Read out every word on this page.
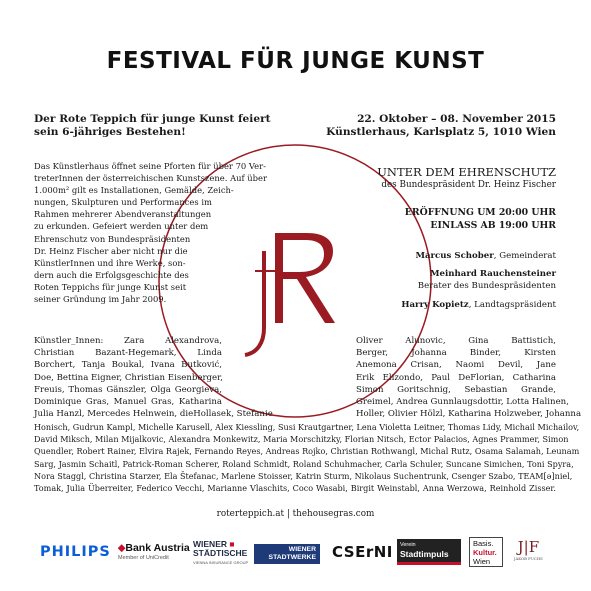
FESTIVAL FÜR JUNGE KUNST
Der Rote Teppich für junge Kunst feiert
sein 6-jähriges Bestehen!
22. Oktober – 08. November 2015
Künstlerhaus, Karlsplatz 5, 1010 Wien
Das Künstlerhaus öffnet seine Pforten für über 70 Ver-
treterInnen der österreichischen Kunstszene. Auf über
1.000m² gilt es Installationen, Gemälde, Zeich-
nungen, Skulpturen und Performances im
Rahmen mehrerer Abendveranstaltungen
zu erkunden. Gefeiert werden unter dem
Ehrenschutz von Bundespräsidenten
Dr. Heinz Fischer aber nicht nur die
KünstlerInnen und ihre Werke, son-
dern auch die Erfolgsgeschichte des
Roten Teppichs für junge Kunst seit
seiner Gründung im Jahr 2009.
UNTER DEM EHRENSCHUTZ
des Bundespräsident Dr. Heinz Fischer
ERÖFFNUNG UM 20:00 UHR
EINLASS AB 19:00 UHR
Marcus Schober, Gemeinderat
Meinhard Rauchensteiner
Berater des Bundespräsidenten
Harry Kopietz, Landtagspräsident
Künstler_Innen: Zara Alexandrova,
Christian Bazant-Hegemark, Linda
Borchert, Tanja Boukal, Ivana Butković,
Doe, Bettina Eigner, Christian Eisenberger,
Freuis, Thomas Gänszler, Olga Georgieva,
Dominique Gras, Manuel Gras, Katharina
Julia Hanzl, Mercedes Helnwein, dieHollasek, Stefanie
Oliver Alunovic, Gina Battistich,
Berger, Johanna Binder, Kirsten
Anemona Crisan, Naomi Devil, Jane
Erik Elizondo, Paul DeFlorian, Catharina
Simon Goritschnig, Sebastian Grande,
Greimel, Andrea Gunnlaugsdottir, Lotta Halinen,
Holler, Olivier Hölzl, Katharina Holzweber, Johanna
Honisch, Gudrun Kampl, Michelle Karusell, Alex Kiessling, Susi Krautgartner, Lena Violetta Leitner, Thomas Lidy, Michail Michailov,
David Miksch, Milan Mijalkovic, Alexandra Monkewitz, Maria Morschitzky, Florian Nitsch, Ector Palacios, Agnes Prammer, Simon
Quendler, Robert Rainer, Elvira Rajek, Fernando Reyes, Andreas Rojko, Christian Rothwangl, Michal Rutz, Osama Salamah, Leunam
Sarg, Jasmin Schaitl, Patrick-Roman Scherer, Roland Schmidt, Roland Schuhmacher, Carla Schuler, Suncane Simichen, Toni Spyra,
Nora Staggl, Christina Starzer, Ela Štefanac, Marlene Stoisser, Katrin Sturm, Nikolaus Suchentrunk, Csenger Szabo, TEAM[ə]niel,
Tomak, Julia Überreiter, Federico Vecchi, Marianne Vlaschits, Coco Wasabi, Birgit Weinstabl, Anna Werzowa, Reinhold Zisser.
roterteppich.at | thehousegras.com
PHILIPS ⬥Bank Austria
Member of UniCredit
WIENER ■
STÄDTISCHE
VIENNA INSURANCE GROUP
WIENER
STADTWERKE CSErNI Verein
Stadtimpuls
Basis.
Kultur.
Wien
J|F
JAKOB FUCHS
